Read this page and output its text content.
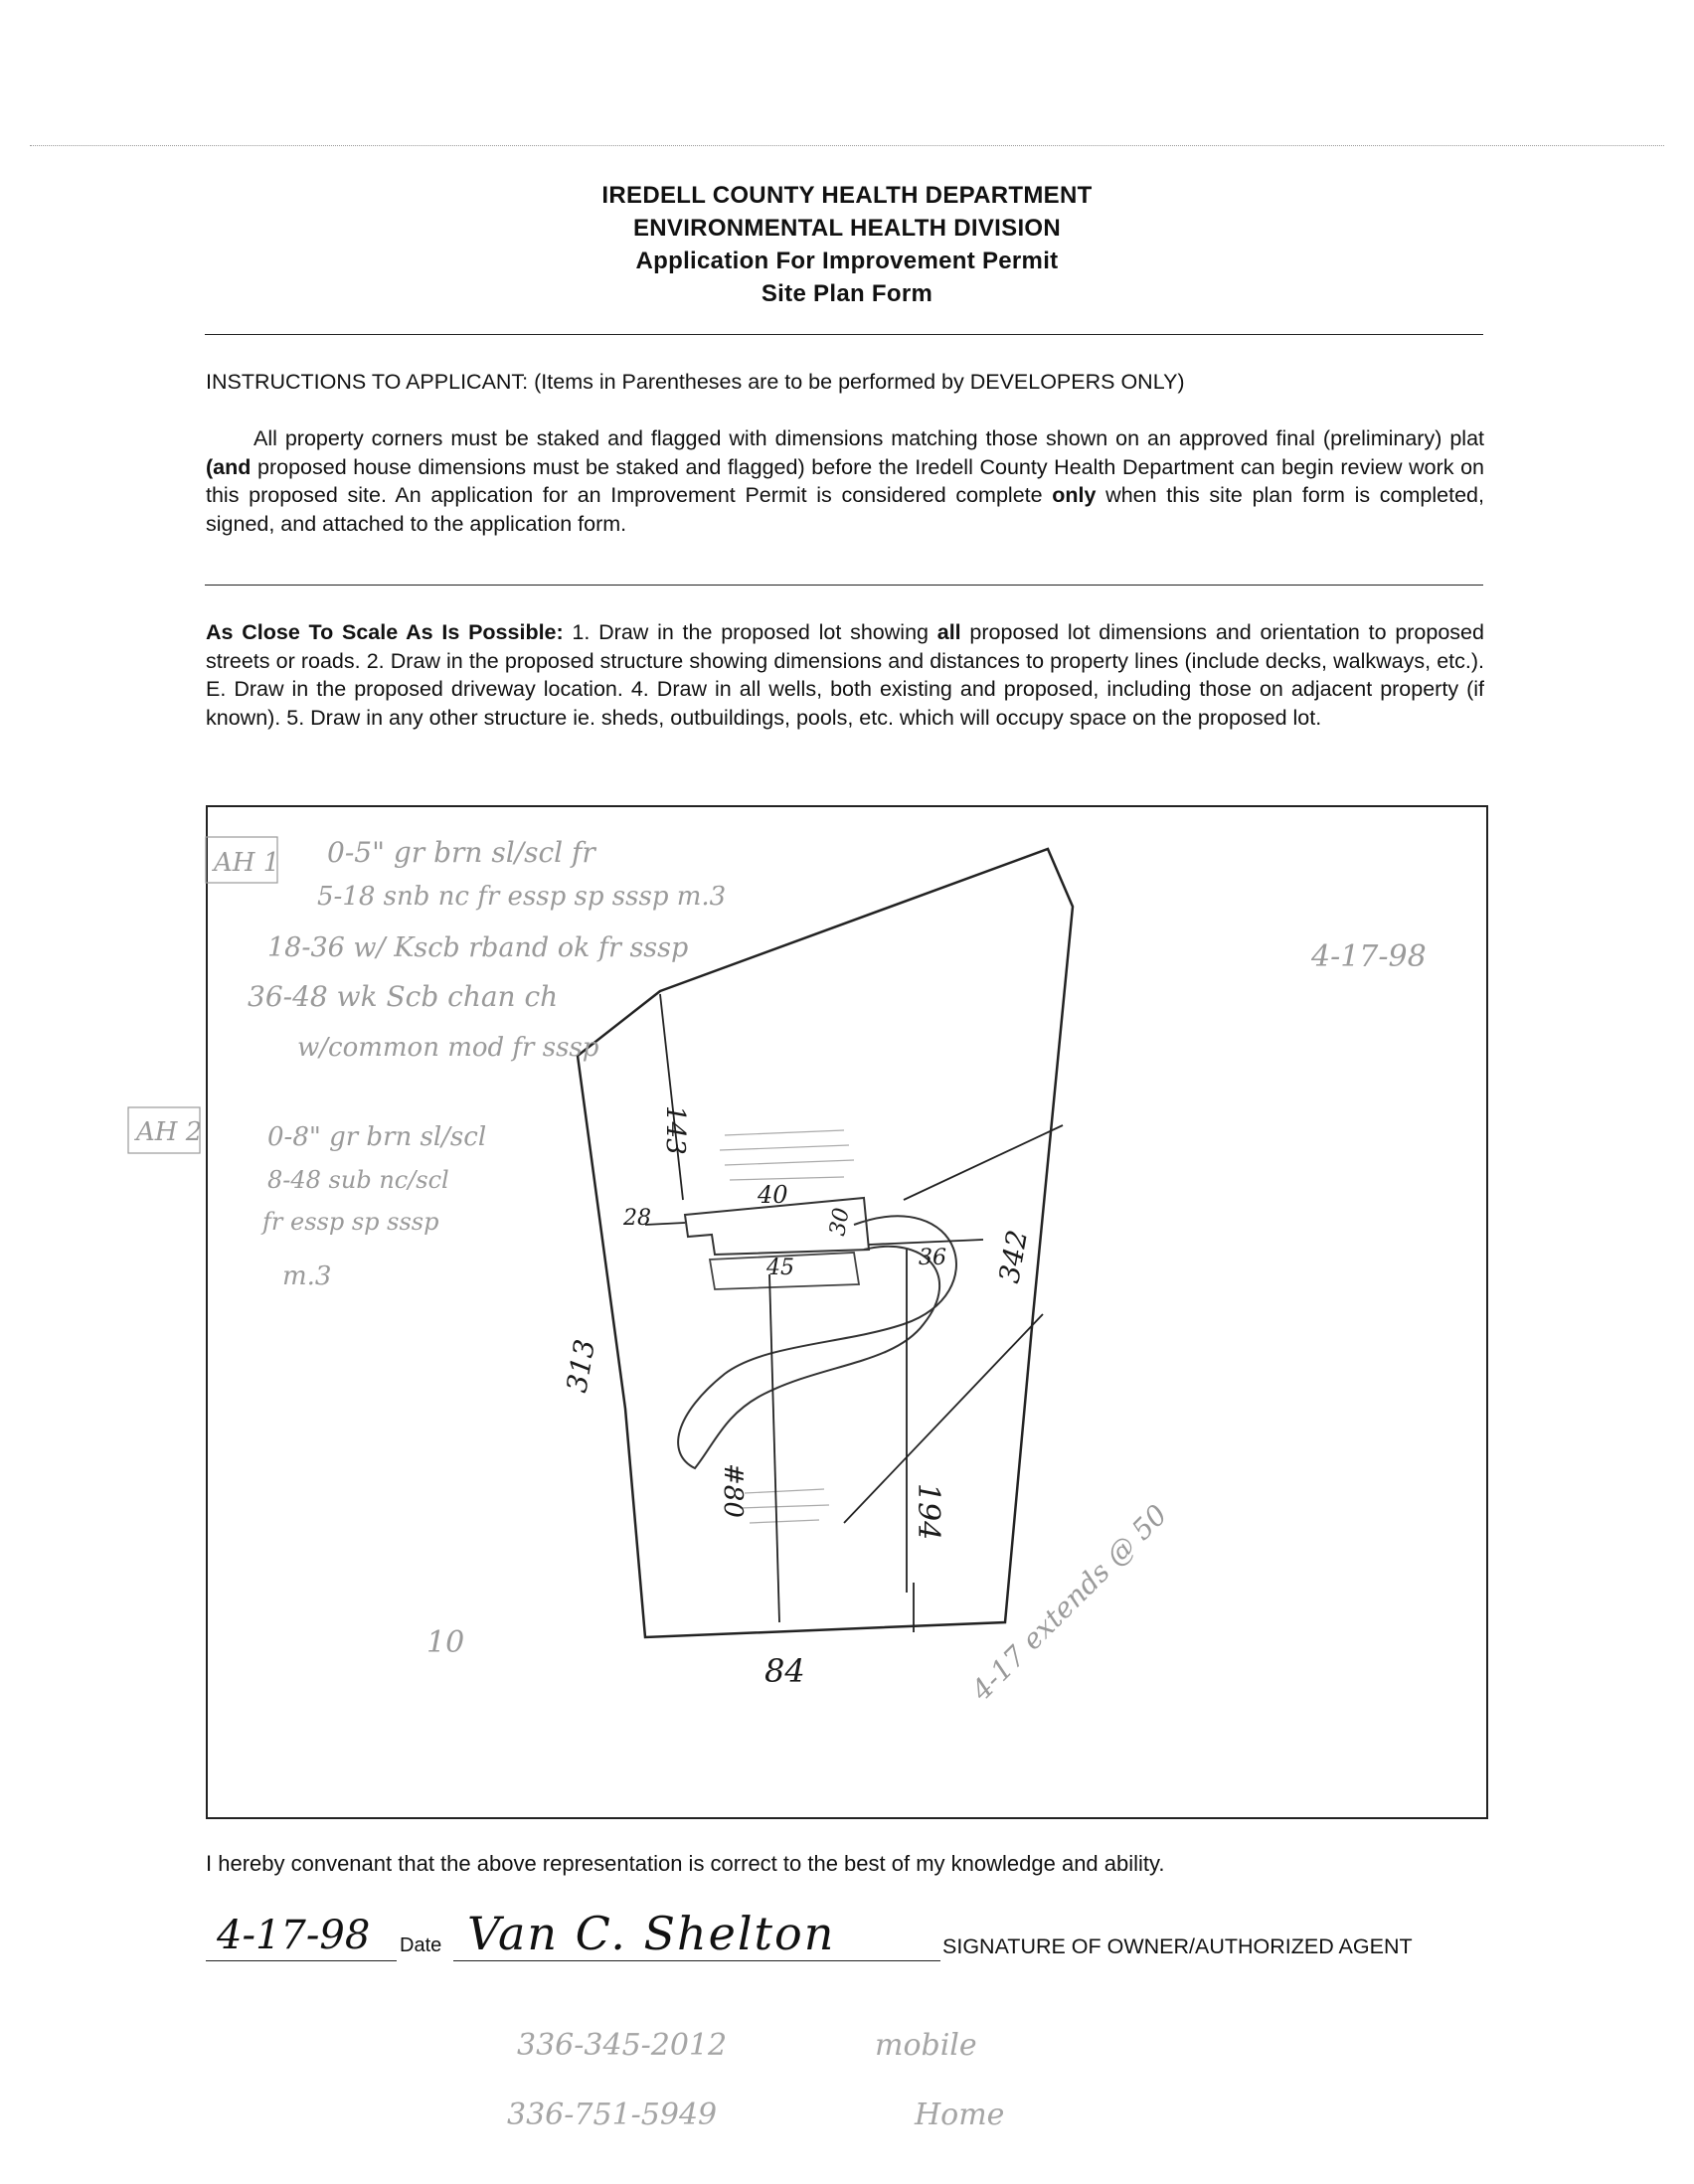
IREDELL COUNTY HEALTH DEPARTMENT
ENVIRONMENTAL HEALTH DIVISION
Application For Improvement Permit
Site Plan Form
INSTRUCTIONS TO APPLICANT: (Items in Parentheses are to be performed by DEVELOPERS ONLY)
All property corners must be staked and flagged with dimensions matching those shown on an approved final (preliminary) plat (and proposed house dimensions must be staked and flagged) before the Iredell County Health Department can begin review work on this proposed site. An application for an Improvement Permit is considered complete only when this site plan form is completed, signed, and attached to the application form.
As Close To Scale As Is Possible: 1. Draw in the proposed lot showing all proposed lot dimensions and orientation to proposed streets or roads. 2. Draw in the proposed structure showing dimensions and distances to property lines (include decks, walkways, etc.). E. Draw in the proposed driveway location. 4. Draw in all wells, both existing and proposed, including those on adjacent property (if known). 5. Draw in any other structure ie. sheds, outbuildings, pools, etc. which will occupy space on the proposed lot.
AH 1 0-5" gr brn sl/scl fr
5-18 snb nc fr essp sp sssp m.3
18-36 w/ Kscb rband ok fr sssp
36-48 wk Scb chan ch
w/common mod fr sssp
AH 2	0-8" gr brn sl/scl
8-48 sub nc/scl
fr essp sp sssp
m.3
4-17-98
143
40
28
45
30
36 342
313
194
#80
84
10	4-17 extends @ 50
I hereby convenant that the above representation is correct to the best of my knowledge and ability.
4-17-98 Date Van C. Shelton	SIGNATURE OF OWNER/AUTHORIZED AGENT
336-345-2012	mobile
336-751-5949	Home
